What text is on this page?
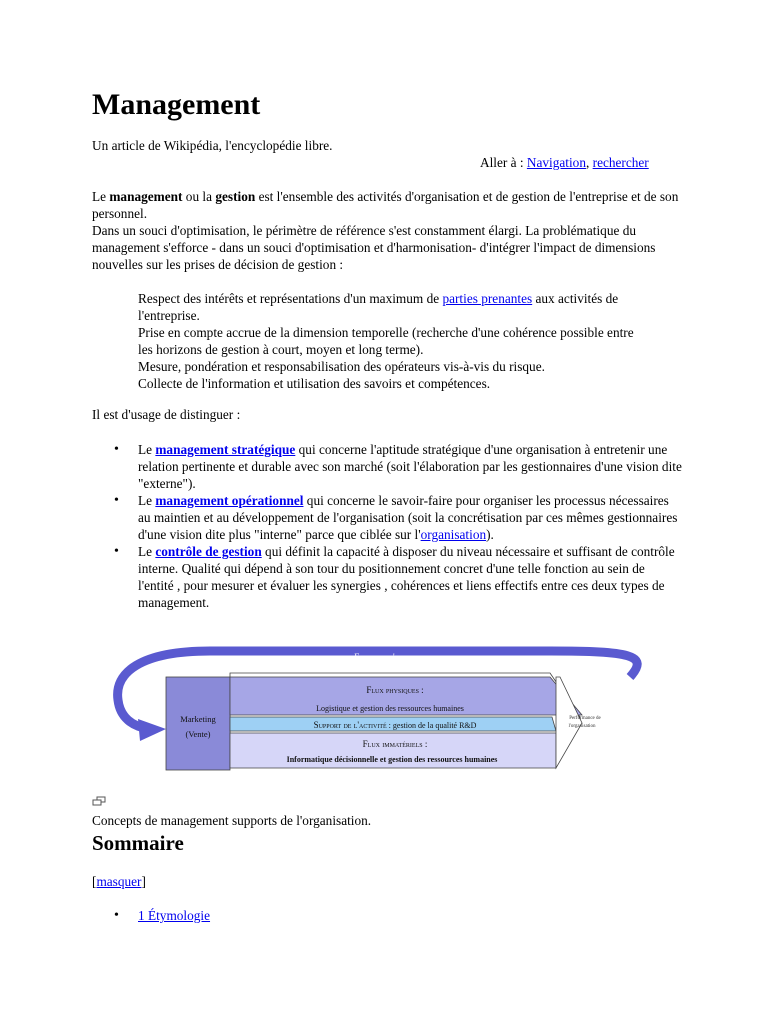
Management

Un article de Wikipédia, l'encyclopédie libre.

Aller à : Navigation, rechercher

Le management ou la gestion est l'ensemble des activités d'organisation et de gestion de l'entreprise et de son personnel.

Dans un souci d'optimisation, le périmètre de référence s'est constamment élargi. La problématique du management s'efforce - dans un souci d'optimisation et d'harmonisation- d'intégrer l'impact de dimensions nouvelles sur les prises de décision de gestion :

Respect des intérêts et représentations d'un maximum de parties prenantes aux activités de l'entreprise.

Prise en compte accrue de la dimension temporelle (recherche d'une cohérence possible entre les horizons de gestion à court, moyen et long terme).

Mesure, pondération et responsabilisation des opérateurs vis-à-vis du risque.

Collecte de l'information et utilisation des savoirs et compétences.

Il est d'usage de distinguer :

• Le management stratégique qui concerne l'aptitude stratégique d'une organisation à entretenir une relation pertinente et durable avec son marché (soit l'élaboration par les gestionnaires d'une vision dite "externe").
• Le management opérationnel qui concerne le savoir-faire pour organiser les processus nécessaires au maintien et au développement de l'organisation (soit la concrétisation par ces mêmes gestionnaires d'une vision dite plus "interne" parce que ciblée sur l'organisation).
• Le contrôle de gestion qui définit la capacité à disposer du niveau nécessaire et suffisant de contrôle interne. Qualité qui dépend à son tour du positionnement concret d'une telle fonction au sein de l'entité , pour mesurer et évaluer les synergies , cohérences et liens effectifs entre ces deux types de management.
Finance d'entreprise
Marketing
(Vente)
Flux physiques :
Logistique et gestion des ressources humaines
Support de l'activité : gestion de la qualité R&D
Flux immatériels :
Informatique décisionnelle et gestion des ressources humaines
Performance de
l'organisation

Concepts de management supports de l'organisation.

Sommaire

[masquer]

• 1 Étymologie
